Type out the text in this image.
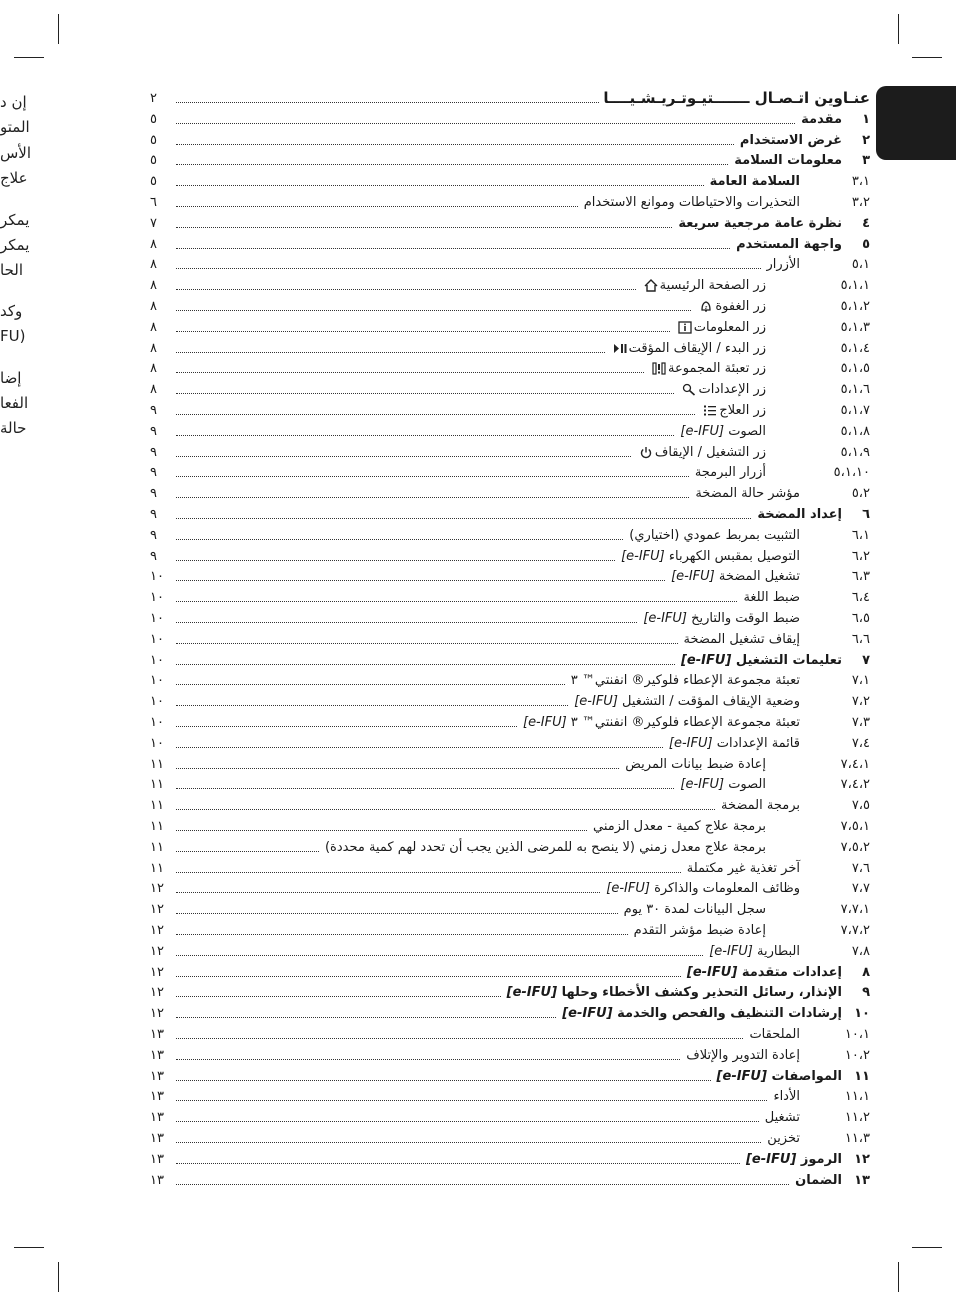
إن د
المتو
الأس
علاج
يمكر
يمكر
الحا
وكد
FU)
إضا
الفعا
حالة
عنـاوين اتـصـال ـــــــتيـوتـريـشـيــــا
٢
١
مقدمة
٥
٢
غرض الاستخدام
٥
٣
معلومات السلامة
٥
٣،١
السلامة العامة
٥
٣،٢
التحذيرات والاحتياطات وموانع الاستخدام
٦
٤
نظرة عامة مرجعية سريعة
٧
٥
واجهة المستخدم
٨
٥،١
الأزرار
٨
٥،١،١
زر الصفحة الرئيسية
٨
٥،١،٢
زر الغفوة
z
٨
٥،١،٣
زر المعلومات
٨
٥،١،٤
زر البدء / الإيقاف المؤقت
٨
٥،١،٥
زر تعبئة المجموعة
٨
٥،١،٦
زر الإعدادات
٨
٥،١،٧
زر العلاج
٩
٥،١،٨
الصوت [e-IFU]
٩
٥،١،٩
زر التشغيل / الإيقاف
٩
٥،١،١٠
أزرار البرمجة
٩
٥،٢
مؤشر حالة المضخة
٩
٦
إعداد المضخة
٩
٦،١
التثبيت بمربط عمودي (اختياري)
٩
٦،٢
التوصيل بمقبس الكهرباء [e-IFU]
٩
٦،٣
تشغيل المضخة [e-IFU]
١٠
٦،٤
ضبط اللغة
١٠
٦،٥
ضبط الوقت والتاريخ [e-IFU]
١٠
٦،٦
إيقاف تشغيل المضخة
١٠
٧
تعليمات التشغيل [e-IFU]
١٠
٧،١
تعبئة مجموعة الإعطاء فلوكير® انفنتي™ ٣
١٠
٧،٢
وضعية الإيقاف المؤقت / التشغيل [e-IFU]
١٠
٧،٣
تعبئة مجموعة الإعطاء فلوكير® انفنتي™ ٣ [e-IFU]
١٠
٧،٤
قائمة الإعدادات [e-IFU]
١٠
٧،٤،١
إعادة ضبط بيانات المريض
١١
٧،٤،٢
الصوت [e-IFU]
١١
٧،٥
برمجة المضخة
١١
٧،٥،١
برمجة علاج كمية - معدل الزمني
١١
٧،٥،٢
برمجة علاج معدل زمني (لا ينصح به للمرضى الذين يجب أن تحدد لهم كمية محددة)
١١
٧،٦
آخر تغذية غير مكتملة
١١
٧،٧
وظائف المعلومات والذاكرة [e-IFU]
١٢
٧،٧،١
سجل البيانات لمدة ٣٠ يوم
١٢
٧،٧،٢
إعادة ضبط مؤشر التقدم
١٢
٧،٨
البطارية [e-IFU]
١٢
٨
إعدادات متقدمة [e-IFU]
١٢
٩
الإنذار، رسائل التحذير وكشف الأخطاء وحلها [e-IFU]
١٢
١٠
إرشادات التنظيف والفحص والخدمة [e-IFU]
١٢
١٠،١
الملحقات
١٣
١٠،٢
إعادة التدوير والإتلاف
١٣
١١
المواصفات [e-IFU]
١٣
١١،١
الأداء
١٣
١١،٢
تشغيل
١٣
١١،٣
تخزين
١٣
١٢
الرموز [e-IFU]
١٣
١٣
الضمان
١٣
